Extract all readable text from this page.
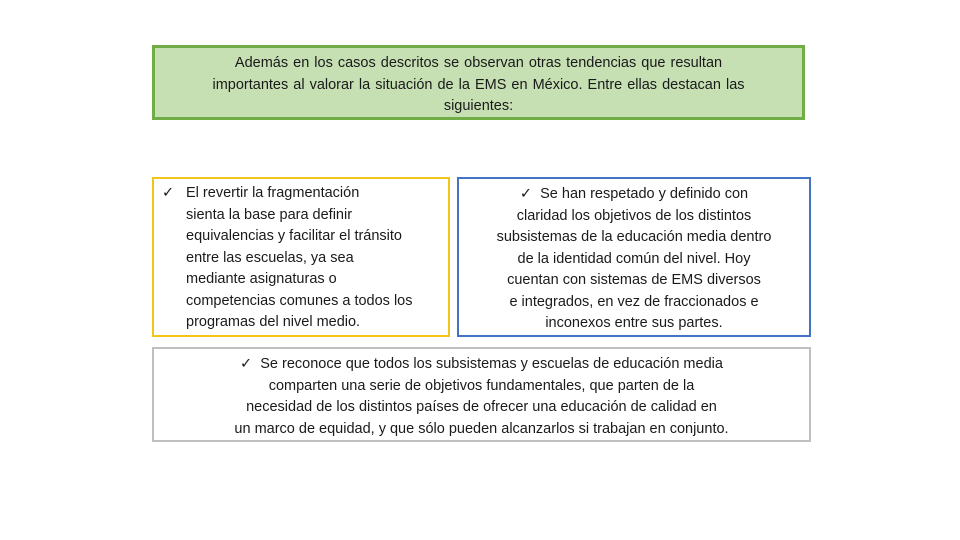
Además en los casos descritos se observan otras tendencias que resultan
importantes al valorar la situación de la EMS en México. Entre ellas destacan las
siguientes:
✓ El revertir la fragmentación
sienta la base para definir
equivalencias y facilitar el tránsito
entre las escuelas, ya sea
mediante asignaturas o
competencias comunes a todos los
programas del nivel medio.
✓ Se han respetado y definido con
claridad los objetivos de los distintos
subsistemas de la educación media dentro
de la identidad común del nivel. Hoy
cuentan con sistemas de EMS diversos
e integrados, en vez de fraccionados e
inconexos entre sus partes.
✓ Se reconoce que todos los subsistemas y escuelas de educación media
comparten una serie de objetivos fundamentales, que parten de la
necesidad de los distintos países de ofrecer una educación de calidad en
un marco de equidad, y que sólo pueden alcanzarlos si trabajan en conjunto.
